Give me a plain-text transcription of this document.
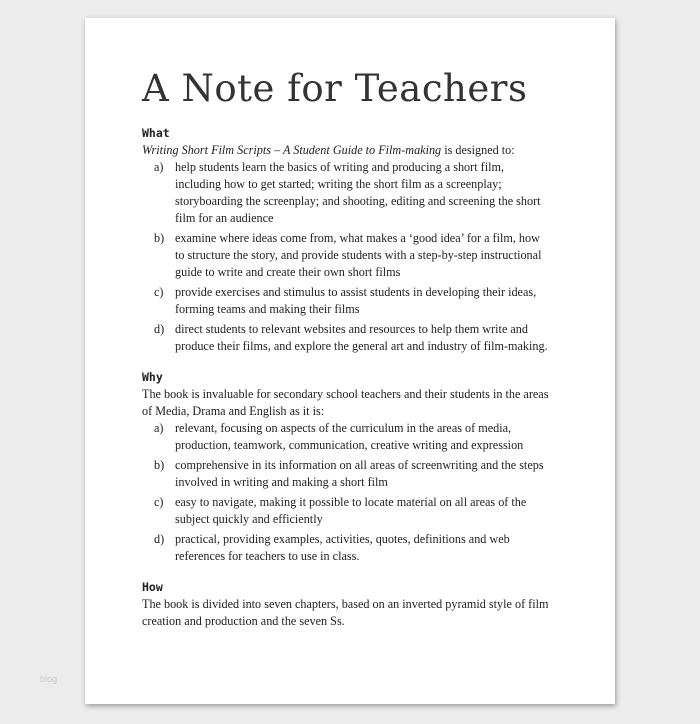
A Note for Teachers
What

Writing Short Film Scripts – A Student Guide to Film-making is designed to:

a) help students learn the basics of writing and producing a short film, including how to get started; writing the short film as a screenplay; storyboarding the screenplay; and shooting, editing and screening the short film for an audience
b) examine where ideas come from, what makes a ‘good idea’ for a film, how to structure the story, and provide students with a step-by-step instructional guide to write and create their own short films
c) provide exercises and stimulus to assist students in developing their ideas, forming teams and making their films
d) direct students to relevant websites and resources to help them write and produce their films, and explore the general art and industry of film-making.
Why

The book is invaluable for secondary school teachers and their students in the areas of Media, Drama and English as it is:

a) relevant, focusing on aspects of the curriculum in the areas of media, production, teamwork, communication, creative writing and expression
b) comprehensive in its information on all areas of screenwriting and the steps involved in writing and making a short film
c) easy to navigate, making it possible to locate material on all areas of the subject quickly and efficiently
d) practical, providing examples, activities, quotes, definitions and web references for teachers to use in class.
How

The book is divided into seven chapters, based on an inverted pyramid style of film creation and production and the seven Ss.

blog
